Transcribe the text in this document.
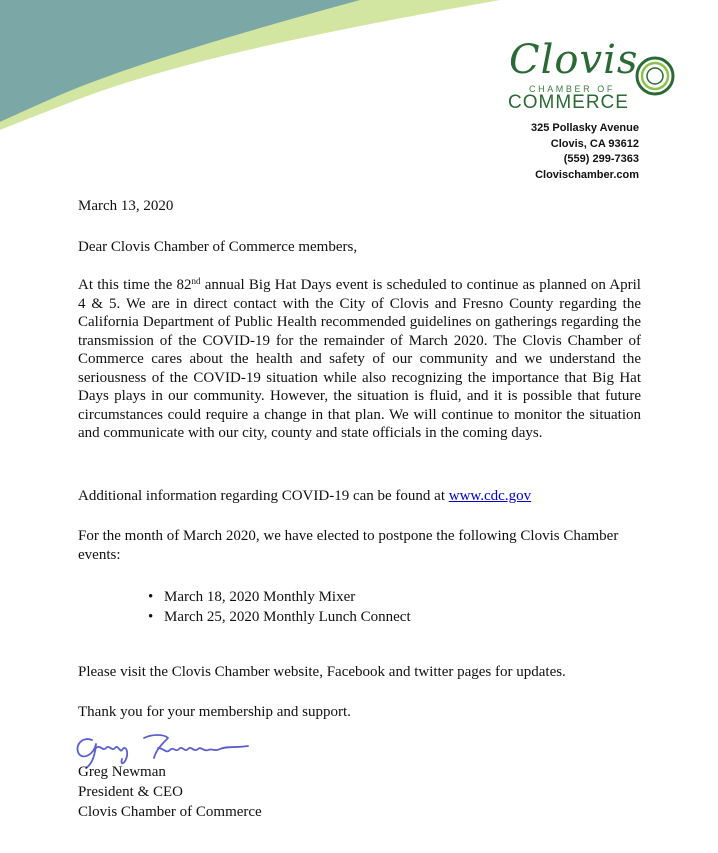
Clovis

CHAMBER OF

COMMERCE

325 Pollasky Avenue
Clovis, CA 93612
(559) 299-7363
Clovischamber.com

March 13, 2020

Dear Clovis Chamber of Commerce members,

At this time the 82nd annual Big Hat Days event is scheduled to continue as planned on April 4 & 5. We are in direct contact with the City of Clovis and Fresno County regarding the California Department of Public Health recommended guidelines on gatherings regarding the transmission of the COVID-19 for the remainder of March 2020. The Clovis Chamber of Commerce cares about the health and safety of our community and we understand the seriousness of the COVID-19 situation while also recognizing the importance that Big Hat Days plays in our community. However, the situation is fluid, and it is possible that future circumstances could require a change in that plan. We will continue to monitor the situation and communicate with our city, county and state officials in the coming days.

Additional information regarding COVID-19 can be found at www.cdc.gov

For the month of March 2020, we have elected to postpone the following Clovis Chamber events:

• March 18, 2020 Monthly Mixer
• March 25, 2020 Monthly Lunch Connect

Please visit the Clovis Chamber website, Facebook and twitter pages for updates.

Thank you for your membership and support.

Greg Newman
President & CEO
Clovis Chamber of Commerce
